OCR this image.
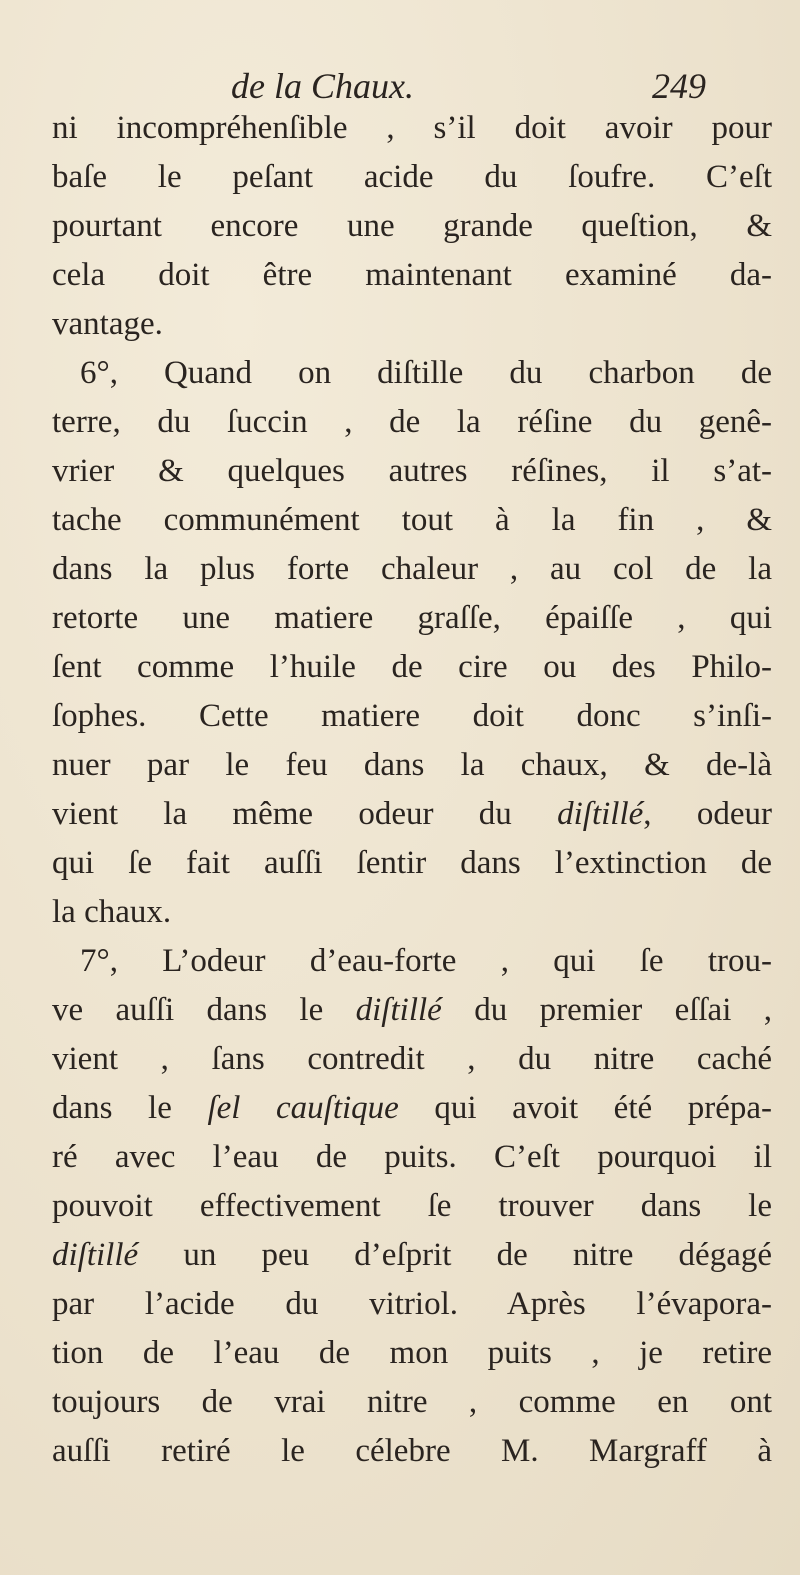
de la Chaux.	249
ni incompréhenſible , s’il doit avoir pour
baſe le peſant acide du ſoufre. C’eſt
pourtant encore une grande queſtion, &
cela doit être maintenant examiné da-
vantage.
6°, Quand on diſtille du charbon de
terre, du ſuccin , de la réſine du genê-
vrier & quelques autres réſines, il s’at-
tache communément tout à la fin , &
dans la plus forte chaleur , au col de la
retorte une matiere graſſe, épaiſſe , qui
ſent comme l’huile de cire ou des Philo-
ſophes. Cette matiere doit donc s’inſi-
nuer par le feu dans la chaux, & de-là
vient la même odeur du diſtillé, odeur
qui ſe fait auſſi ſentir dans l’extinction de
la chaux.
7°, L’odeur d’eau-forte , qui ſe trou-
ve auſſi dans le diſtillé du premier eſſai ,
vient , ſans contredit , du nitre caché
dans le ſel cauſtique qui avoit été prépa-
ré avec l’eau de puits. C’eſt pourquoi il
pouvoit effectivement ſe trouver dans le
diſtillé un peu d’eſprit de nitre dégagé
par l’acide du vitriol. Après l’évapora-
tion de l’eau de mon puits , je retire
toujours de vrai nitre , comme en ont
auſſi retiré le célebre M. Margraff à
